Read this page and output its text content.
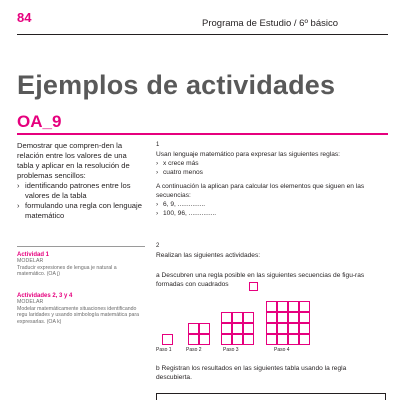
84	Programa de Estudio / 6º básico
Ejemplos de actividades
OA_9
Demostrar que compren-den la relación entre los valores de una tabla y aplicar en la resolución de problemas sencillos:
› identificando patrones entre los valores de la tabla
› formulando una regla con lenguaje matemático
Actividad 1
MODELAR
Traducir expresiones de lengua je natural a matemático. (OA j)
Actividades 2, 3 y 4
MODELAR
Modelar matemáticamente situaciones identificando regu laridades y usando simbología matemática para expresarlas. (OA k)
1
Usan lenguaje matemático para expresar las siguientes reglas:
› x crece más
› cuatro menos
A continuación la aplican para calcular los elementos que siguen en las secuencias:
› 6, 9, ...............
› 100, 96, ...............
2
Realizan las siguientes actividades:
a Descubren una regla posible en las siguientes secuencias de figu-ras formadas con cuadrados
Paso 1	Paso 2	Paso 3	Paso 4
b Registran los resultados en las siguientes tabla usando la regla descubierta.
